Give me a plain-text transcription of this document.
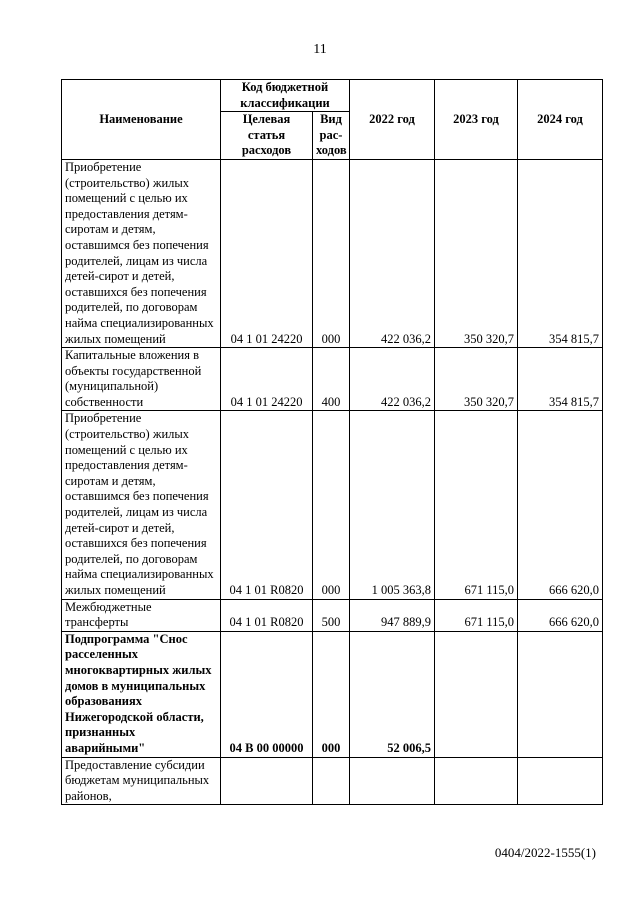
11
Наименование	Код бюджетной классификации		2022 год	2023 год	2024 год
	Целевая статья расходов	Вид рас-ходов			
Приобретение (строительство) жилых помещений с целью их предоставления детям-сиротам и детям, оставшимся без попечения родителей, лицам из числа детей-сирот и детей, оставшихся без попечения родителей, по договорам найма специализированных жилых помещений	04 1 01 24220	000	422 036,2	350 320,7	354 815,7
Капитальные вложения в объекты государственной (муниципальной) собственности	04 1 01 24220	400	422 036,2	350 320,7	354 815,7
Приобретение (строительство) жилых помещений с целью их предоставления детям-сиротам и детям, оставшимся без попечения родителей, лицам из числа детей-сирот и детей, оставшихся без попечения родителей, по договорам найма специализированных жилых помещений	04 1 01 R0820	000	1 005 363,8	671 115,0	666 620,0
Межбюджетные трансферты	04 1 01 R0820	500	947 889,9	671 115,0	666 620,0
Подпрограмма "Снос расселенных многоквартирных жилых домов в муниципальных образованиях Нижегородской области, признанных аварийными"	04 В 00 00000	000	52 006,5		
Предоставление субсидии бюджетам муниципальных районов,					
0404/2022-1555(1)
